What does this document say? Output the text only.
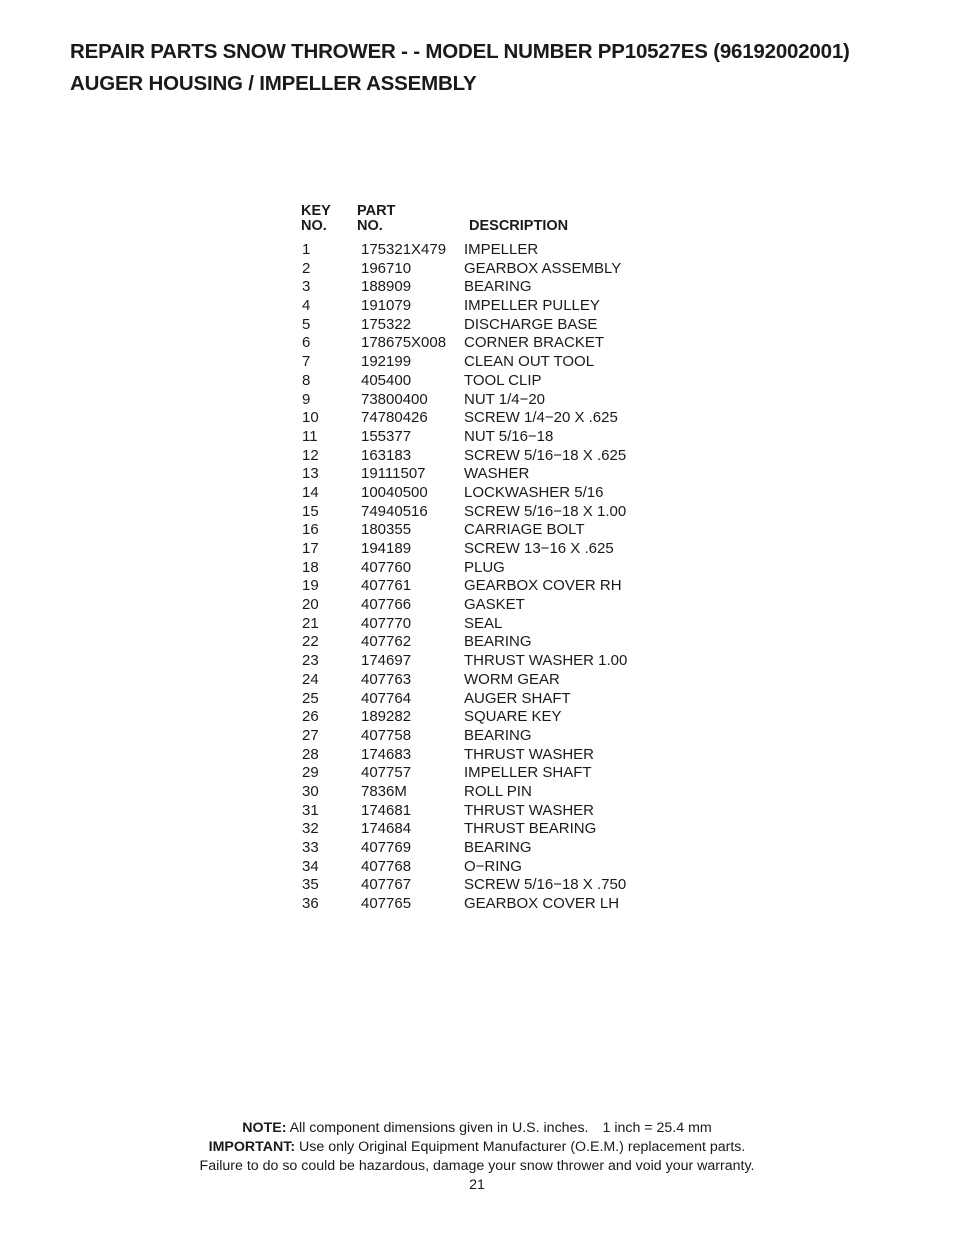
REPAIR PARTS SNOW THROWER - - MODEL NUMBER PP10527ES (96192002001)
AUGER HOUSING / IMPELLER ASSEMBLY
KEY
NO.
PART
NO.	DESCRIPTION
1	175321X479 IMPELLER
2	196710	GEARBOX ASSEMBLY
3	188909	BEARING
4	191079	IMPELLER PULLEY
5	175322	DISCHARGE BASE
6	178675X008 CORNER BRACKET
7	192199	CLEAN OUT TOOL
8	405400	TOOL CLIP
9	73800400 NUT 1/4−20
10	74780426 SCREW 1/4−20 X .625
11	155377	NUT 5/16−18
12	163183	SCREW 5/16−18 X .625
13	19111507	WASHER
14	10040500 LOCKWASHER 5/16
15	74940516 SCREW 5/16−18 X 1.00
16	180355	CARRIAGE BOLT
17	194189	SCREW 13−16 X .625
18	407760	PLUG
19	407761	GEARBOX COVER RH
20	407766	GASKET
21	407770	SEAL
22	407762	BEARING
23	174697	THRUST WASHER 1.00
24	407763	WORM GEAR
25	407764	AUGER SHAFT
26	189282	SQUARE KEY
27	407758	BEARING
28	174683	THRUST WASHER
29	407757	IMPELLER SHAFT
30	7836M	ROLL PIN
31	174681	THRUST WASHER
32	174684	THRUST BEARING
33	407769	BEARING
34	407768	O−RING
35	407767	SCREW 5/16−18 X .750
36	407765	GEARBOX COVER LH
NOTE: All component dimensions given in U.S. inches. 1 inch = 25.4 mm
IMPORTANT: Use only Original Equipment Manufacturer (O.E.M.) replacement parts.
Failure to do so could be hazardous, damage your snow thrower and void your warranty.
21
